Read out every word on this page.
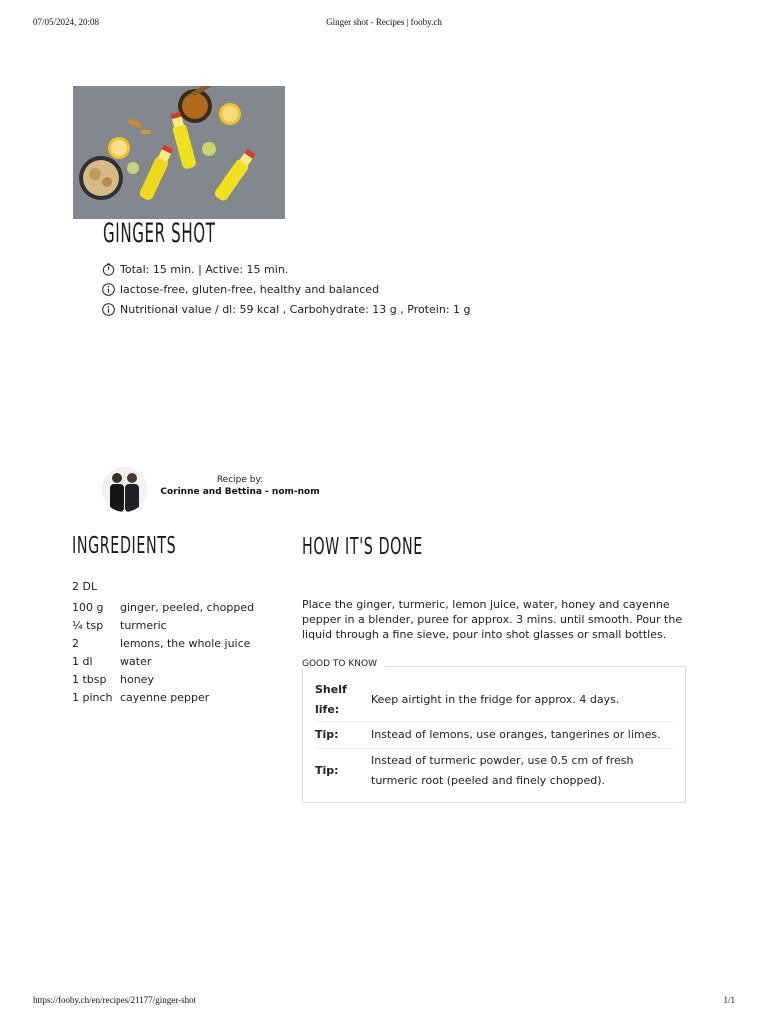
07/05/2024, 20:08	Ginger shot - Recipes | fooby.ch
GINGER SHOT
Total: 15 min. | Active: 15 min.
lactose-free, gluten-free, healthy and balanced
Nutritional value / dl: 59 kcal , Carbohydrate: 13 g , Protein: 1 g
Recipe by:
Corinne and Bettina - nom-nom
INGREDIENTS
2 DL
100 g	ginger, peeled, chopped
¼ tsp	turmeric
2	lemons, the whole juice
1 dl	water
1 tbsp	honey
1 pinch cayenne pepper
HOW IT'S DONE

Place the ginger, turmeric, lemon juice, water, honey and cayenne pepper in a blender, puree for approx. 3 mins. until smooth. Pour the liquid through a fine sieve, pour into shot glasses or small bottles.

Shelf life:
Keep airtight in the fridge for approx. 4 days.
Tip:	Instead of lemons, use oranges, tangerines or limes.
Tip:
Instead of turmeric powder, use 0.5 cm of fresh turmeric root (peeled and finely chopped).
GOOD TO KNOW
https://fooby.ch/en/recipes/21177/ginger-shot	1/1
